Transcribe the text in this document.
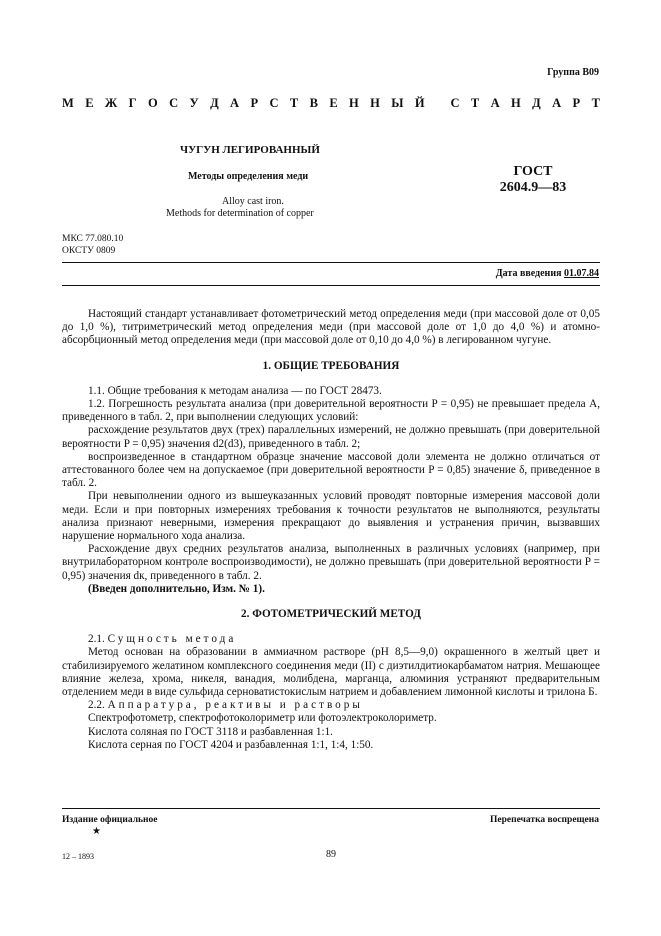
Группа В09
М Е Ж Г О С У Д А Р С Т В Е Н Н Ы Й
С Т А Н Д А Р Т
ЧУГУН ЛЕГИРОВАННЫЙ
Методы определения меди
Alloy cast iron.
Methods for determination of copper
ГОСТ
2604.9—83
МКС 77.080.10
ОКСТУ 0809
Дата введения 01.07.84

Настоящий стандарт устанавливает фотометрический метод определения меди (при массовой доле от 0,05 до 1,0 %), титриметрический метод определения меди (при массовой доле от 1,0 до 4,0 %) и атомно-абсорбционный метод определения меди (при массовой доле от 0,10 до 4,0 %) в легированном чугуне.

1. ОБЩИЕ ТРЕБОВАНИЯ

1.1. Общие требования к методам анализа — по ГОСТ 28473.

1.2. Погрешность результата анализа (при доверительной вероятности P = 0,95) не превышает предела А, приведенного в табл. 2, при выполнении следующих условий:

расхождение результатов двух (трех) параллельных измерений, не должно превышать (при доверительной вероятности P = 0,95) значения d2(d3), приведенного в табл. 2;

воспроизведенное в стандартном образце значение массовой доли элемента не должно отличаться от аттестованного более чем на допускаемое (при доверительной вероятности P = 0,85) значение δ, приведенное в табл. 2.

При невыполнении одного из вышеуказанных условий проводят повторные измерения массовой доли меди. Если и при повторных измерениях требования к точности результатов не выполняются, результаты анализа признают неверными, измерения прекращают до выявления и устранения причин, вызвавших нарушение нормального хода анализа.

Расхождение двух средних результатов анализа, выполненных в различных условиях (например, при внутрилабораторном контроле воспроизводимости), не должно превышать (при доверительной вероятности P = 0,95) значения dк, приведенного в табл. 2.

(Введен дополнительно, Изм. № 1).

2. ФОТОМЕТРИЧЕСКИЙ МЕТОД

2.1. Сущность метода

Метод основан на образовании в аммиачном растворе (pH 8,5—9,0) окрашенного в желтый цвет и стабилизируемого желатином комплексного соединения меди (II) с диэтилдитиокарбаматом натрия. Мешающее влияние железа, хрома, никеля, ванадия, молибдена, марганца, алюминия устраняют предварительным отделением меди в виде сульфида серноватистокислым натрием и добавлением лимонной кислоты и трилона Б.

2.2. Аппаратура, реактивы и растворы

Спектрофотометр, спектрофотоколориметр или фотоэлектроколориметр.

Кислота соляная по ГОСТ 3118 и разбавленная 1:1.

Кислота серная по ГОСТ 4204 и разбавленная 1:1, 1:4, 1:50.

Издание официальное	Перепечатка воспрещена
★
12 – 1893	89
